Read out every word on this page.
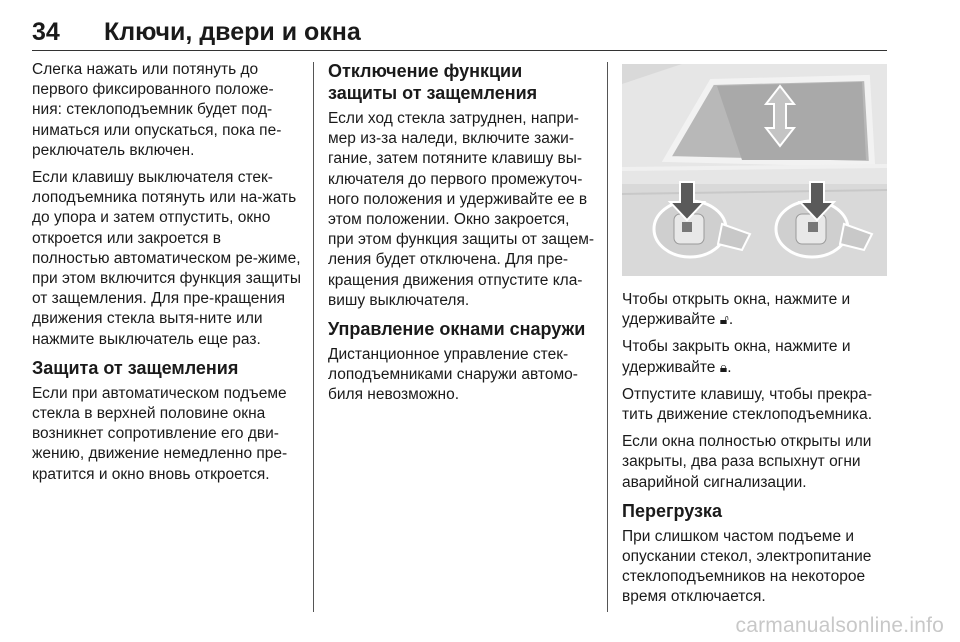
34 Ключи, двери и окна

Слегка нажать или потянуть до первого фиксированного положе-ния: стеклоподъемник будет под-ниматься или опускаться, пока пе-реключатель включен.

Если клавишу выключателя стек-лоподъемника потянуть или на-жать до упора и затем отпустить, окно откроется или закроется в полностью автоматическом ре-жиме, при этом включится функция защиты от защемления. Для пре-кращения движения стекла вытя-ните или нажмите выключатель еще раз.

Защита от защемления

Если при автоматическом подъеме стекла в верхней половине окна возникнет сопротивление его дви-жению, движение немедленно пре-кратится и окно вновь откроется.

Отключение функции защиты от защемления

Если ход стекла затруднен, напри-мер из-за наледи, включите зажи-гание, затем потяните клавишу вы-ключателя до первого промежуточ-ного положения и удерживайте ее в этом положении. Окно закроется, при этом функция защиты от защем-ления будет отключена. Для пре-кращения движения отпустите кла-вишу выключателя.

Управление окнами снаружи

Дистанционное управление стек-лоподъемниками снаружи автомо-биля невозможно.

Чтобы открыть окна, нажмите и удерживайте 🔓︎.

Чтобы закрыть окна, нажмите и удерживайте 🔒︎.

Отпустите клавишу, чтобы прекра-тить движение стеклоподъемника.

Если окна полностью открыты или закрыты, два раза вспыхнут огни аварийной сигнализации.

Перегрузка

При слишком частом подъеме и опускании стекол, электропитание стеклоподъемников на некоторое время отключается.

carmanualsonline.info
